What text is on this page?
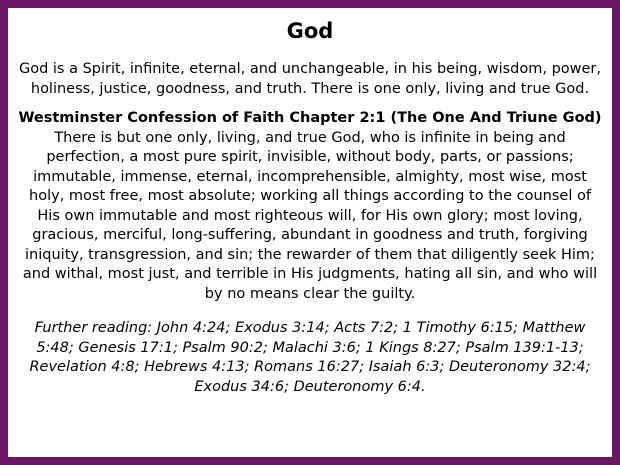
God

God is a Spirit, infinite, eternal, and unchangeable, in his being, wisdom, power, holiness, justice, goodness, and truth. There is one only, living and true God.

Westminster Confession of Faith Chapter 2:1 (The One And Triune God)

There is but one only, living, and true God, who is infinite in being and perfection, a most pure spirit, invisible, without body, parts, or passions; immutable, immense, eternal, incomprehensible, almighty, most wise, most holy, most free, most absolute; working all things according to the counsel of His own immutable and most righteous will, for His own glory; most loving, gracious, merciful, long-suffering, abundant in goodness and truth, forgiving iniquity, transgression, and sin; the rewarder of them that diligently seek Him; and withal, most just, and terrible in His judgments, hating all sin, and who will by no means clear the guilty.

Further reading: John 4:24; Exodus 3:14; Acts 7:2; 1 Timothy 6:15; Matthew 5:48; Genesis 17:1; Psalm 90:2; Malachi 3:6; 1 Kings 8:27; Psalm 139:1-13; Revelation 4:8; Hebrews 4:13; Romans 16:27; Isaiah 6:3; Deuteronomy 32:4; Exodus 34:6; Deuteronomy 6:4.
